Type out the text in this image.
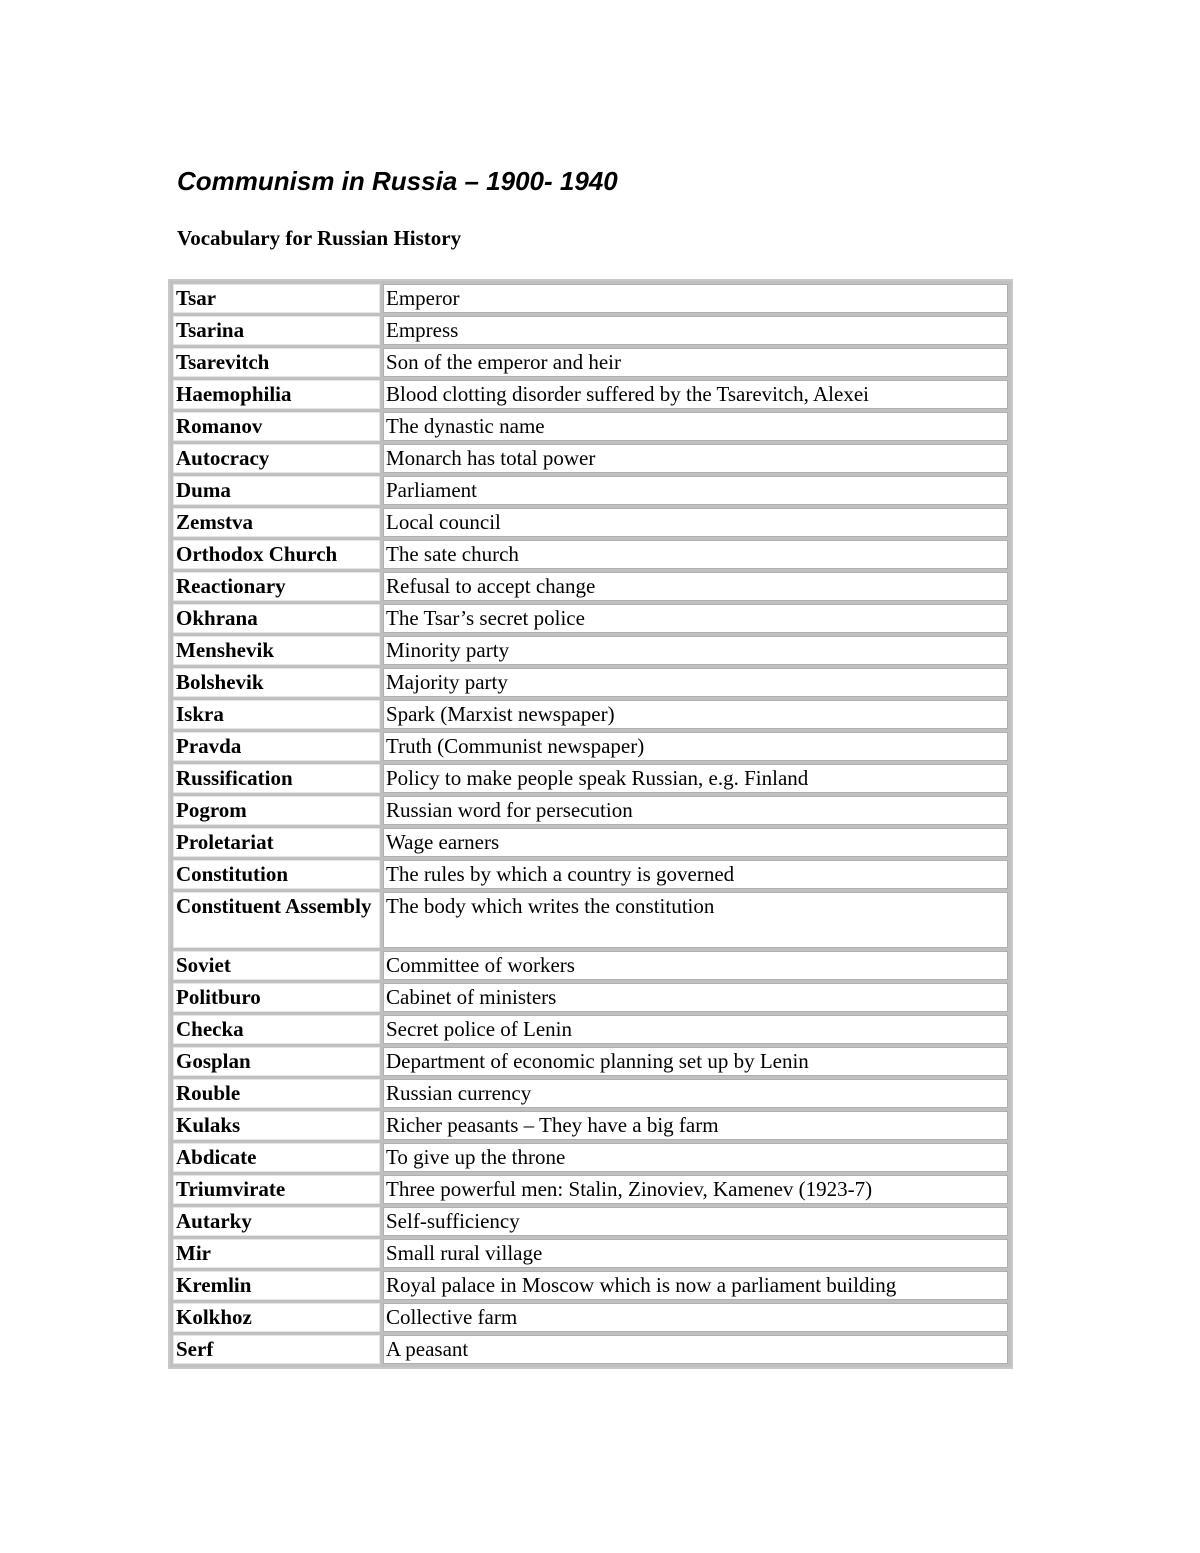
Communism in Russia – 1900- 1940
Vocabulary for Russian History
Tsar	Emperor
Tsarina	Empress
Tsarevitch	Son of the emperor and heir
Haemophilia	Blood clotting disorder suffered by the Tsarevitch, Alexei
Romanov	The dynastic name
Autocracy	Monarch has total power
Duma	Parliament
Zemstva	Local council
Orthodox Church	The sate church
Reactionary	Refusal to accept change
Okhrana	The Tsar’s secret police
Menshevik	Minority party
Bolshevik	Majority party
Iskra	Spark (Marxist newspaper)
Pravda	Truth (Communist newspaper)
Russification	Policy to make people speak Russian, e.g. Finland
Pogrom	Russian word for persecution
Proletariat	Wage earners
Constitution	The rules by which a country is governed
Constituent Assembly	The body which writes the constitution
Soviet	Committee of workers
Politburo	Cabinet of ministers
Checka	Secret police of Lenin
Gosplan	Department of economic planning set up by Lenin
Rouble	Russian currency
Kulaks	Richer peasants – They have a big farm
Abdicate	To give up the throne
Triumvirate	Three powerful men: Stalin, Zinoviev, Kamenev (1923-7)
Autarky	Self-sufficiency
Mir	Small rural village
Kremlin	Royal palace in Moscow which is now a parliament building
Kolkhoz	Collective farm
Serf	A peasant
